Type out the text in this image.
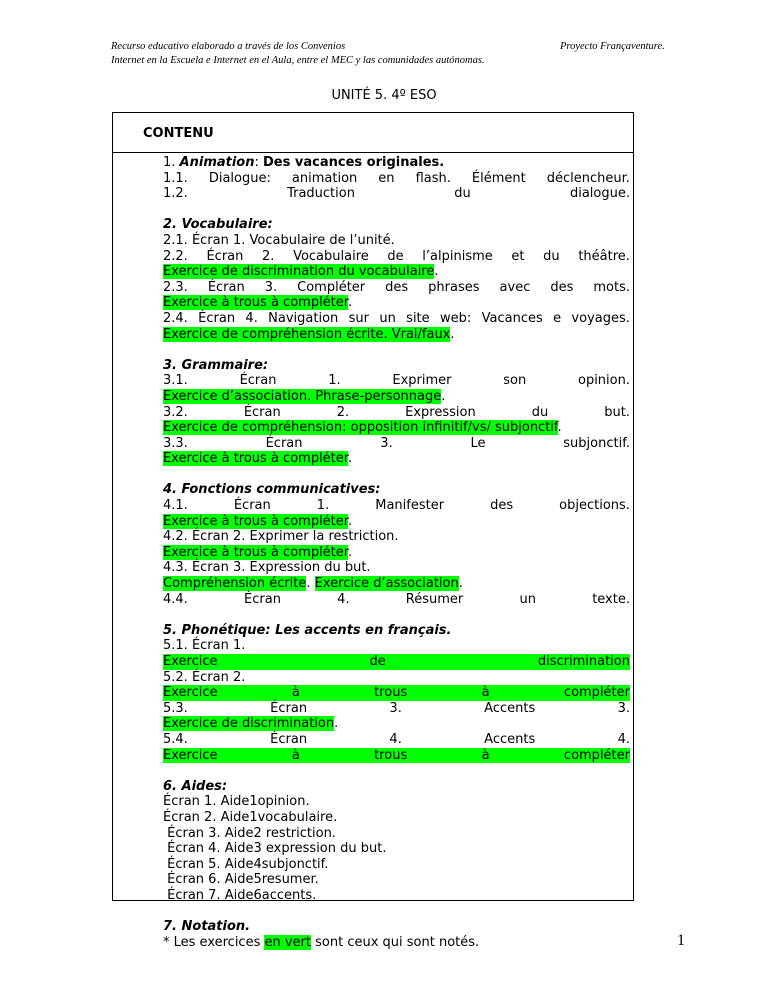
Recurso educativo elaborado a través de los Convenios
Internet en la Escuela e Internet en el Aula, entre el MEC y las comunidades autónomas.
Proyecto Françaventure.
UNITÉ 5. 4º ESO
CONTENU
1. Animation: Des vacances originales.
1.1. Dialogue: animation en flash. Élément déclencheur.
1.2.	Traduction	du	dialogue.
2. Vocabulaire:
2.1. Écran 1. Vocabulaire de l’unité.
2.2. Écran 2. Vocabulaire de l’alpinisme et du théâtre.
Exercice de discrimination du vocabulaire.
2.3. Écran 3. Compléter des phrases avec des mots.
Exercice à trous à compléter.
2.4. Écran 4. Navigation sur un site web: Vacances e voyages.
Exercice de compréhension écrite. Vrai/faux.
3. Grammaire:
3.1.	Écran	1.	Exprimer	son	opinion.
Exercice d’association. Phrase-personnage.
3.2.	Écran	2.	Expression	du	but.
Exercice de compréhension: opposition infinitif/vs/ subjonctif.
3.3.	Écran	3.	Le	subjonctif.
Exercice à trous à compléter.
4. Fonctions communicatives:
4.1.	Écran	1.	Manifester	des	objections.
Exercice à trous à compléter.
4.2. Écran 2. Exprimer la restriction.
Exercice à trous à compléter.
4.3. Écran 3. Expression du but.
Compréhension écrite. Exercice d’association.
4.4.	Écran	4.	Résumer	un	texte.
5. Phonétique: Les accents en français.
5.1. Écran 1.
Exercice	de	discrimination
5.2. Écran 2.
Exercice	à	trous	à	compléter
5.3.	Écran	3.	Accents	3.
Exercice de discrimination.
5.4.	Écran	4.	Accents	4.
Exercice	à	trous	à	compléter
6. Aides:
Écran 1. Aide1opinion.
Écran 2. Aide1vocabulaire.
Écran 3. Aide2 restriction.
Écran 4. Aide3 expression du but.
Écran 5. Aide4subjonctif.
Écran 6. Aide5resumer.
Écran 7. Aide6accents.
7. Notation.
* Les exercices en vert sont ceux qui sont notés.	1
